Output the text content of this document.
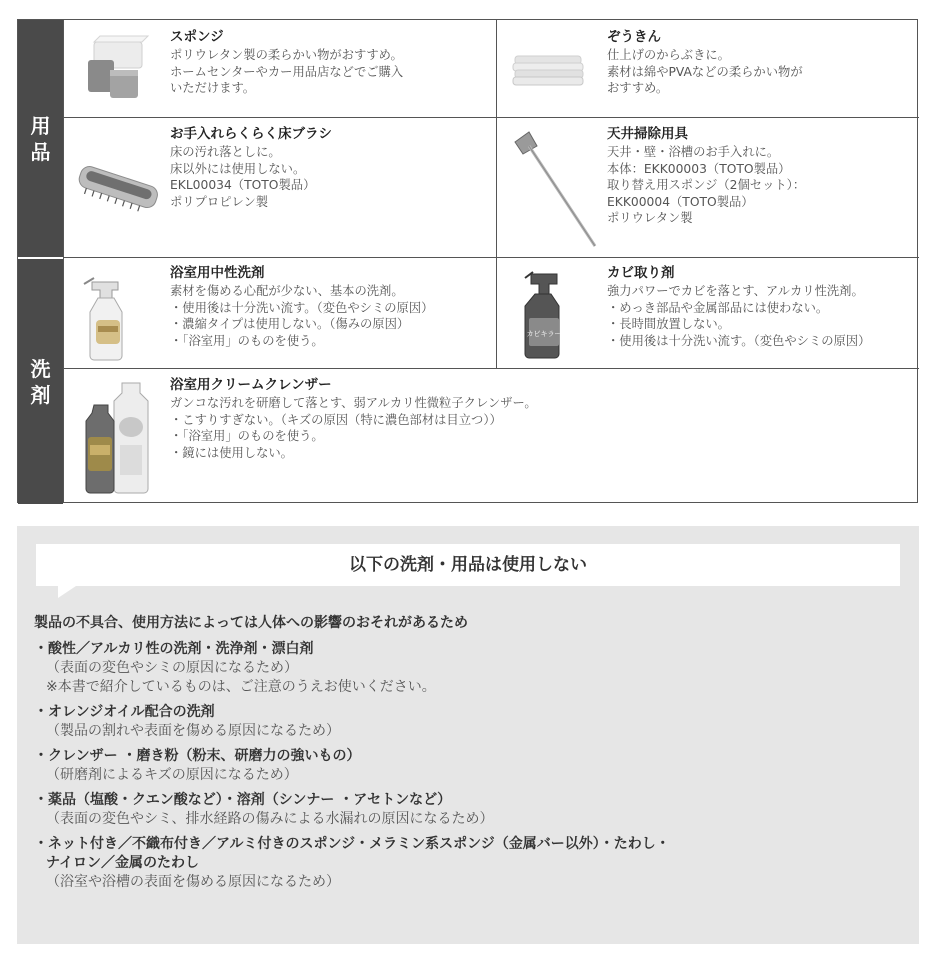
用
品
洗
剤
スポンジ
ポリウレタン製の柔らかい物がおすすめ。
ホームセンターやカー用品店などでご購入
いただけます。
ぞうきん
仕上げのからぶきに。
素材は綿やPVAなどの柔らかい物が
おすすめ。
お手入れらくらく床ブラシ
床の汚れ落としに。
床以外には使用しない。
EKL00034（TOTO製品）
ポリプロピレン製
天井掃除用具
天井・壁・浴槽のお手入れに。
本体：EKK00003（TOTO製品）
取り替え用スポンジ（2個セット）：
EKK00004（TOTO製品）
ポリウレタン製
浴室用中性洗剤
素材を傷める心配が少ない、基本の洗剤。
・使用後は十分洗い流す。（変色やシミの原因）
・濃縮タイプは使用しない。（傷みの原因）
・「浴室用」のものを使う。	カビキラー
カビ取り剤
強力パワーでカビを落とす、アルカリ性洗剤。
・めっき部品や金属部品には使わない。
・長時間放置しない。
・使用後は十分洗い流す。（変色やシミの原因）
浴室用クリームクレンザー
ガンコな汚れを研磨して落とす、弱アルカリ性微粒子クレンザー。
・こすりすぎない。（キズの原因（特に濃色部材は目立つ））
・「浴室用」のものを使う。
・鏡には使用しない。
以下の洗剤・用品は使用しない
製品の不具合、使用方法によっては人体への影響のおそれがあるため
・酸性／アルカリ性の洗剤・洗浄剤・漂白剤
（表面の変色やシミの原因になるため）
※本書で紹介しているものは、ご注意のうえお使いください。
・オレンジオイル配合の洗剤
（製品の割れや表面を傷める原因になるため）
・クレンザー ・磨き粉（粉末、研磨力の強いもの）
（研磨剤によるキズの原因になるため）
・薬品（塩酸・クエン酸など）・溶剤（シンナー ・アセトンなど）
（表面の変色やシミ、排水経路の傷みによる水漏れの原因になるため）
・ネット付き／不織布付き／アルミ付きのスポンジ・メラミン系スポンジ（金属バー以外）・たわし・
ナイロン／金属のたわし
（浴室や浴槽の表面を傷める原因になるため）
